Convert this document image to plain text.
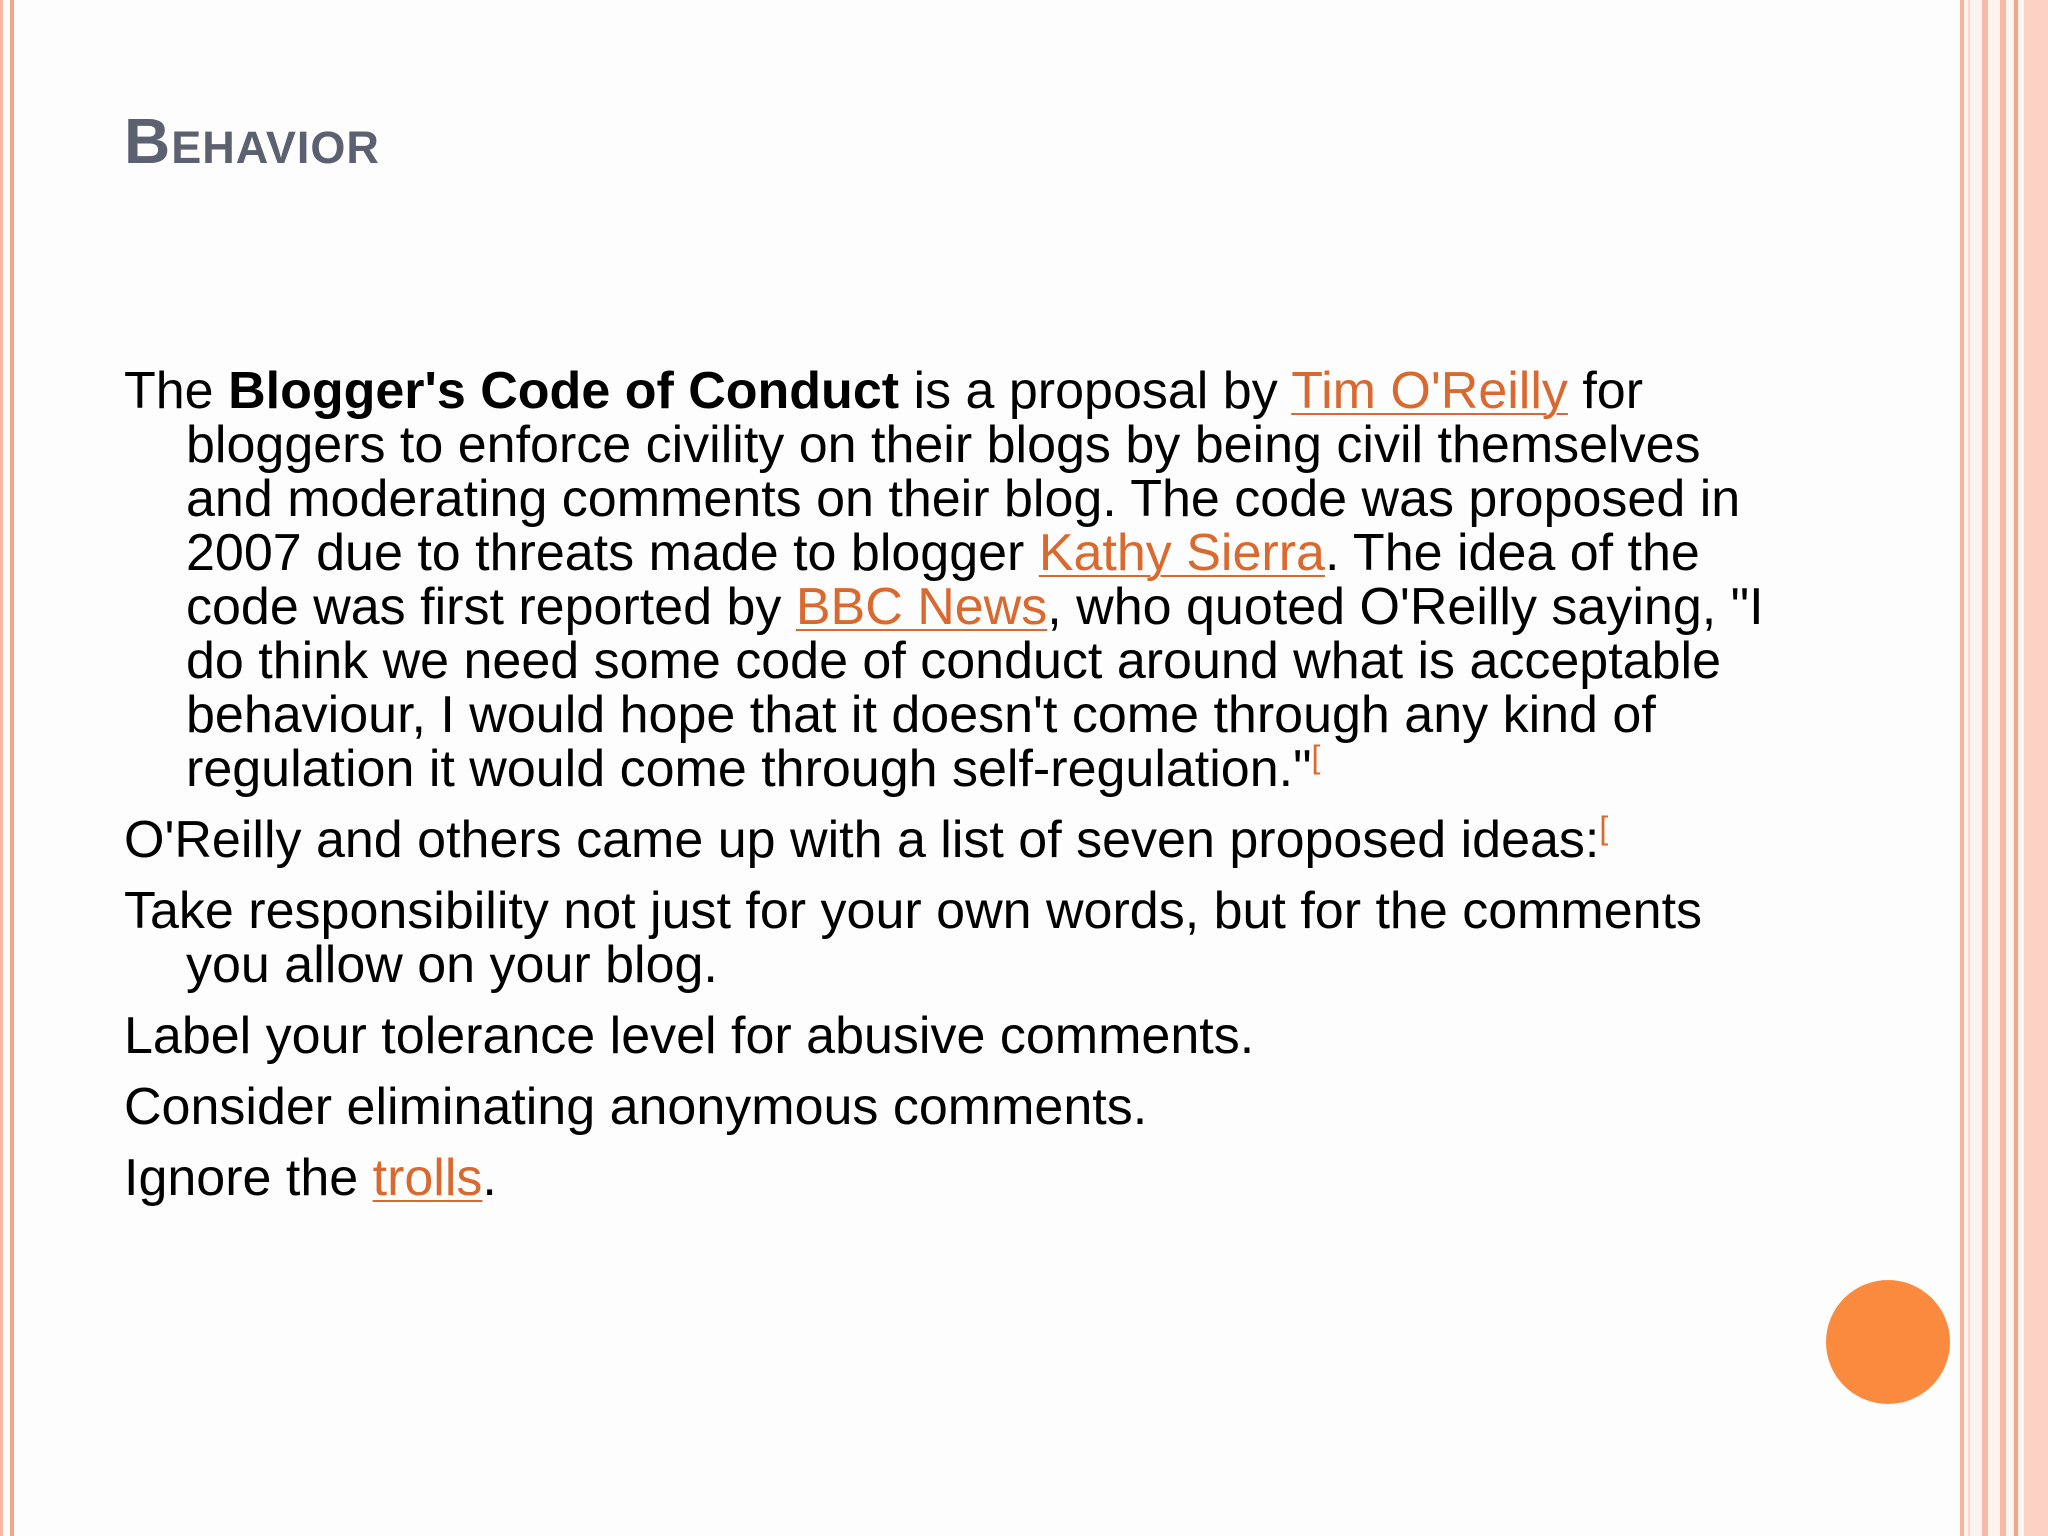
Behavior

The Blogger's Code of Conduct is a proposal by Tim O'Reilly for bloggers to enforce civility on their blogs by being civil themselves and moderating comments on their blog. The code was proposed in 2007 due to threats made to blogger Kathy Sierra. The idea of the code was first reported by BBC News, who quoted O'Reilly saying, "I do think we need some code of conduct around what is acceptable behaviour, I would hope that it doesn't come through any kind of regulation it would come through self-regulation."[

O'Reilly and others came up with a list of seven proposed ideas:[

Take responsibility not just for your own words, but for the comments you allow on your blog.

Label your tolerance level for abusive comments.

Consider eliminating anonymous comments.

Ignore the trolls.
